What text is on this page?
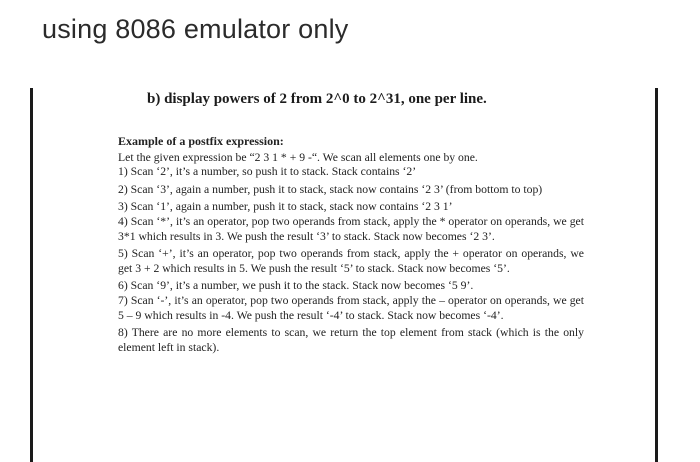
using 8086 emulator only
b) display powers of 2 from 2^0 to 2^31, one per line.
Example of a postfix expression:
Let the given expression be “2 3 1 * + 9 -“. We scan all elements one by one.
1) Scan ‘2’, it’s a number, so push it to stack. Stack contains ‘2’
2) Scan ‘3’, again a number, push it to stack, stack now contains ‘2 3’ (from bottom to top)
3) Scan ‘1’, again a number, push it to stack, stack now contains ‘2 3 1’
4) Scan ‘*’, it’s an operator, pop two operands from stack, apply the * operator on operands, we get 3*1 which results in 3. We push the result ‘3’ to stack. Stack now becomes ‘2 3’.
5) Scan ‘+’, it’s an operator, pop two operands from stack, apply the + operator on operands, we get 3 + 2 which results in 5. We push the result ‘5’ to stack. Stack now becomes ‘5’.
6) Scan ‘9’, it’s a number, we push it to the stack. Stack now becomes ‘5 9’.
7) Scan ‘-’, it’s an operator, pop two operands from stack, apply the – operator on operands, we get 5 – 9 which results in -4. We push the result ‘-4’ to stack. Stack now becomes ‘-4’.
8) There are no more elements to scan, we return the top element from stack (which is the only element left in stack).
